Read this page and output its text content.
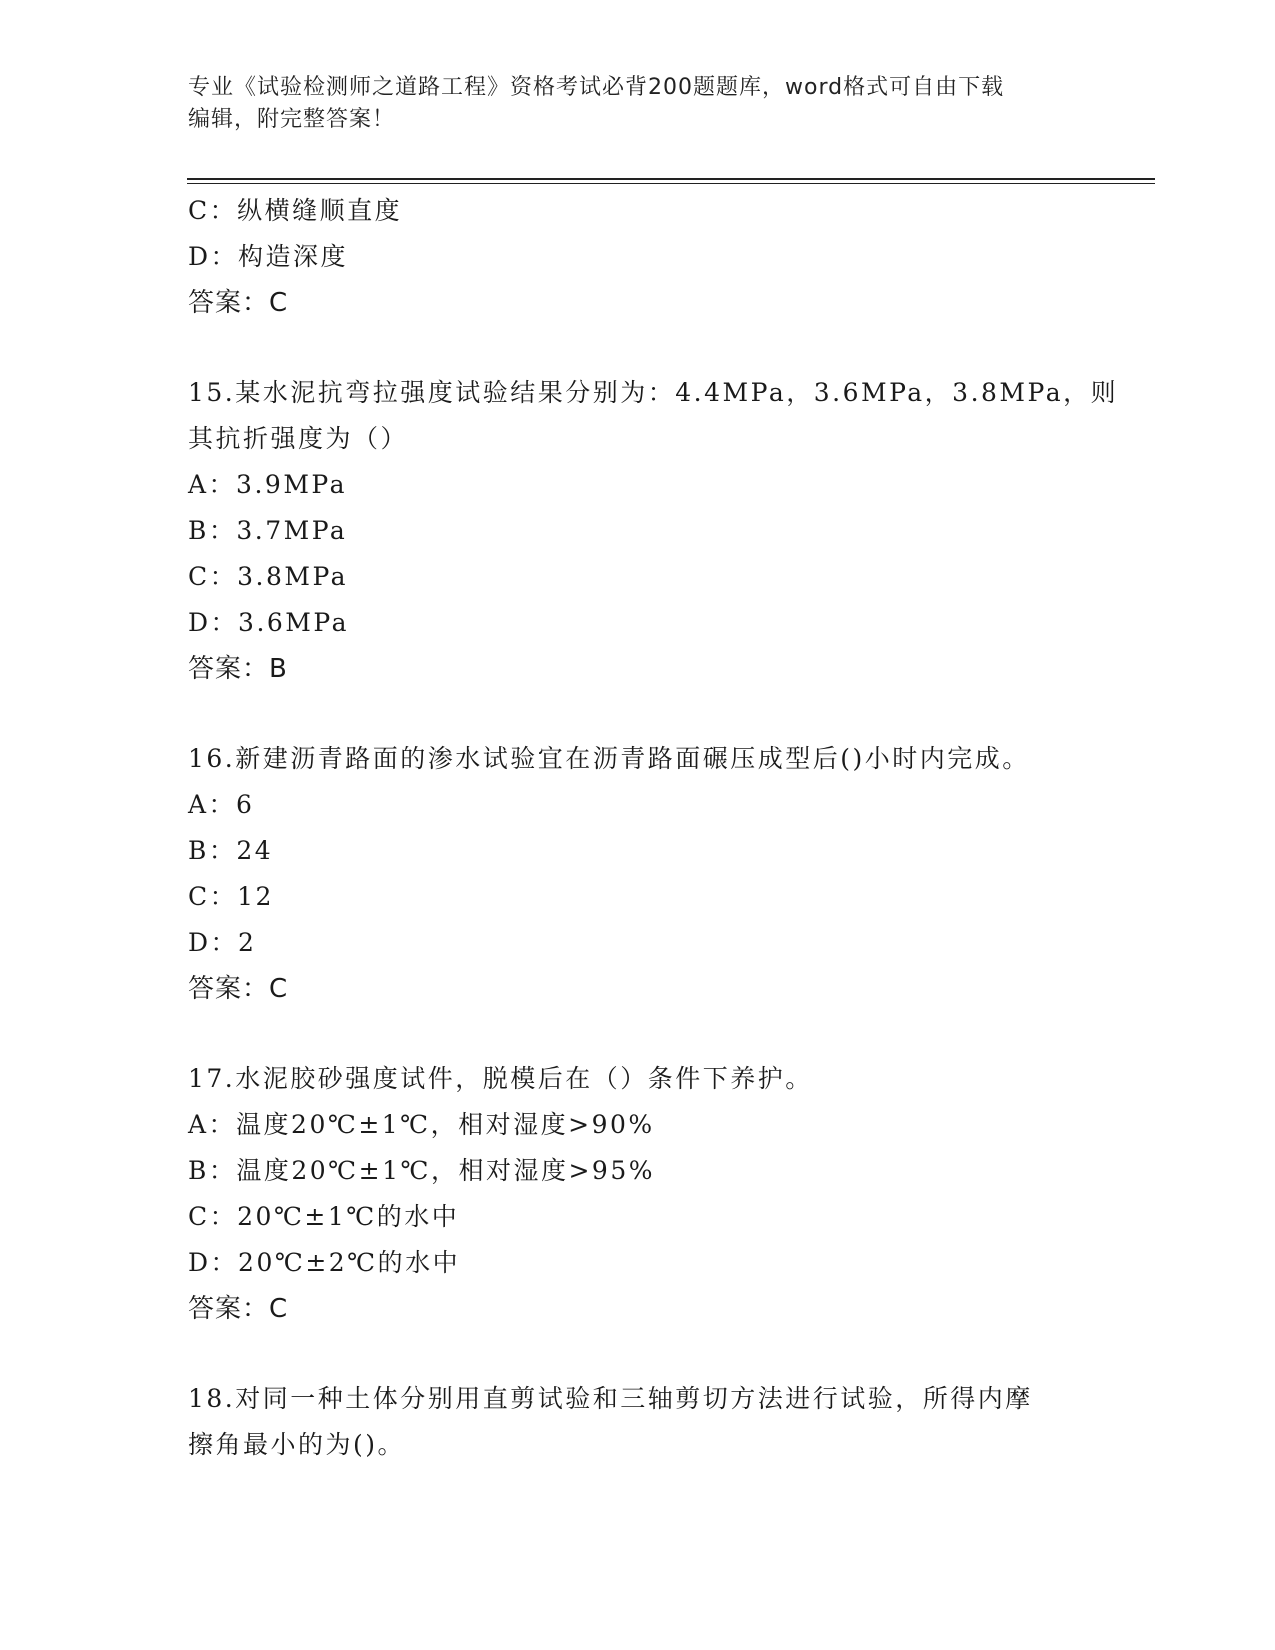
专业《试验检测师之道路工程》资格考试必背200题题库，word格式可自由下载
编辑，附完整答案！
C：纵横缝顺直度
D：构造深度
答案：C
15.某水泥抗弯拉强度试验结果分别为：4.4MPa，3.6MPa，3.8MPa，则
其抗折强度为（）
A：3.9MPa
B：3.7MPa
C：3.8MPa
D：3.6MPa
答案：B
16.新建沥青路面的渗水试验宜在沥青路面碾压成型后()小时内完成。
A：6
B：24
C：12
D：2
答案：C
17.水泥胶砂强度试件，脱模后在（）条件下养护。
A：温度20℃±1℃，相对湿度>90%
B：温度20℃±1℃，相对湿度>95%
C：20℃±1℃的水中
D：20℃±2℃的水中
答案：C
18.对同一种土体分别用直剪试验和三轴剪切方法进行试验，所得内摩
擦角最小的为()。
